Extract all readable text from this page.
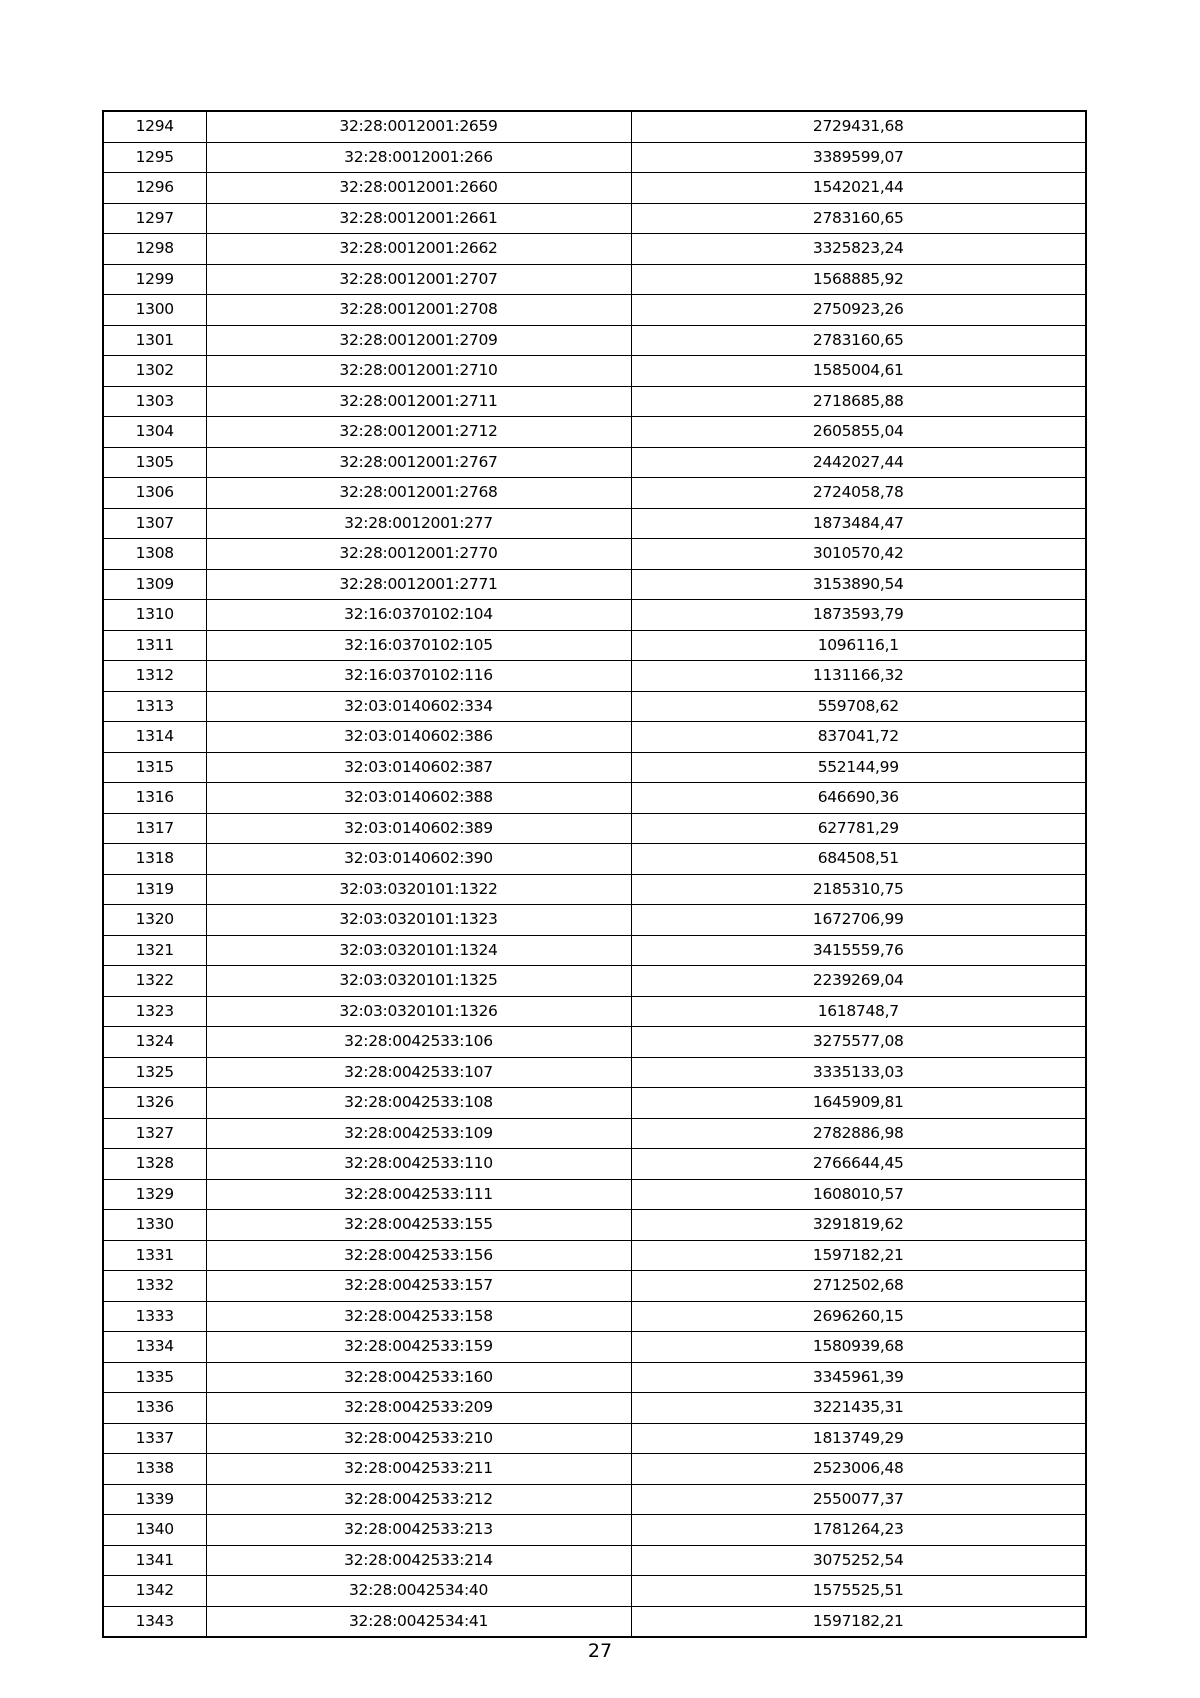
1294	32:28:0012001:2659	2729431,68
1295	32:28:0012001:266	3389599,07
1296	32:28:0012001:2660	1542021,44
1297	32:28:0012001:2661	2783160,65
1298	32:28:0012001:2662	3325823,24
1299	32:28:0012001:2707	1568885,92
1300	32:28:0012001:2708	2750923,26
1301	32:28:0012001:2709	2783160,65
1302	32:28:0012001:2710	1585004,61
1303	32:28:0012001:2711	2718685,88
1304	32:28:0012001:2712	2605855,04
1305	32:28:0012001:2767	2442027,44
1306	32:28:0012001:2768	2724058,78
1307	32:28:0012001:277	1873484,47
1308	32:28:0012001:2770	3010570,42
1309	32:28:0012001:2771	3153890,54
1310	32:16:0370102:104	1873593,79
1311	32:16:0370102:105	1096116,1
1312	32:16:0370102:116	1131166,32
1313	32:03:0140602:334	559708,62
1314	32:03:0140602:386	837041,72
1315	32:03:0140602:387	552144,99
1316	32:03:0140602:388	646690,36
1317	32:03:0140602:389	627781,29
1318	32:03:0140602:390	684508,51
1319	32:03:0320101:1322	2185310,75
1320	32:03:0320101:1323	1672706,99
1321	32:03:0320101:1324	3415559,76
1322	32:03:0320101:1325	2239269,04
1323	32:03:0320101:1326	1618748,7
1324	32:28:0042533:106	3275577,08
1325	32:28:0042533:107	3335133,03
1326	32:28:0042533:108	1645909,81
1327	32:28:0042533:109	2782886,98
1328	32:28:0042533:110	2766644,45
1329	32:28:0042533:111	1608010,57
1330	32:28:0042533:155	3291819,62
1331	32:28:0042533:156	1597182,21
1332	32:28:0042533:157	2712502,68
1333	32:28:0042533:158	2696260,15
1334	32:28:0042533:159	1580939,68
1335	32:28:0042533:160	3345961,39
1336	32:28:0042533:209	3221435,31
1337	32:28:0042533:210	1813749,29
1338	32:28:0042533:211	2523006,48
1339	32:28:0042533:212	2550077,37
1340	32:28:0042533:213	1781264,23
1341	32:28:0042533:214	3075252,54
1342	32:28:0042534:40	1575525,51
1343	32:28:0042534:41	1597182,21
27
